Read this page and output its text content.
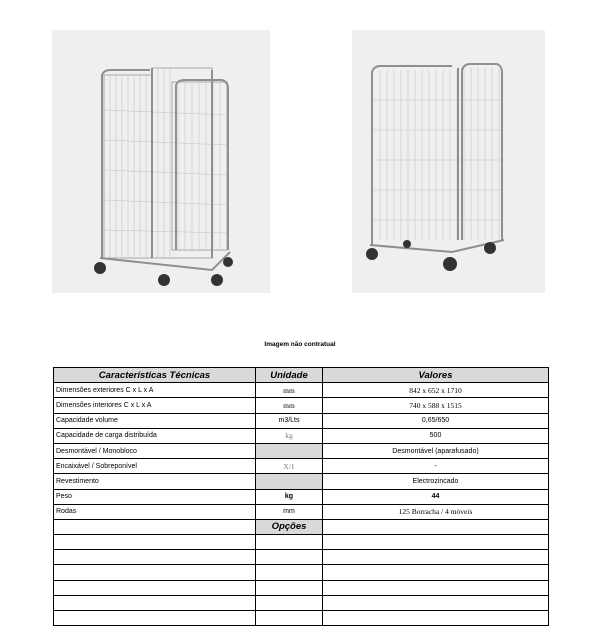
Imagem não contratual
Características Técnicas	Unidade	Valores
Dimensões exteriores C x L x A	mm	842 x 652 x 1710
Dimensões interiores C x L x A	mm	740 x 588 x 1515
Capacidade volume	m3/Lts	0,65/650
Capacidade de carga distribuída	kg	500
Desmontável / Monobloco		Desmontável (aparafusado)
Encaixável / Sobreponível	X/1	-
Revestimento		Electrozincado
Peso	kg	44
Rodas	mm	125 Borracha / 4 móveis
	Opções	
